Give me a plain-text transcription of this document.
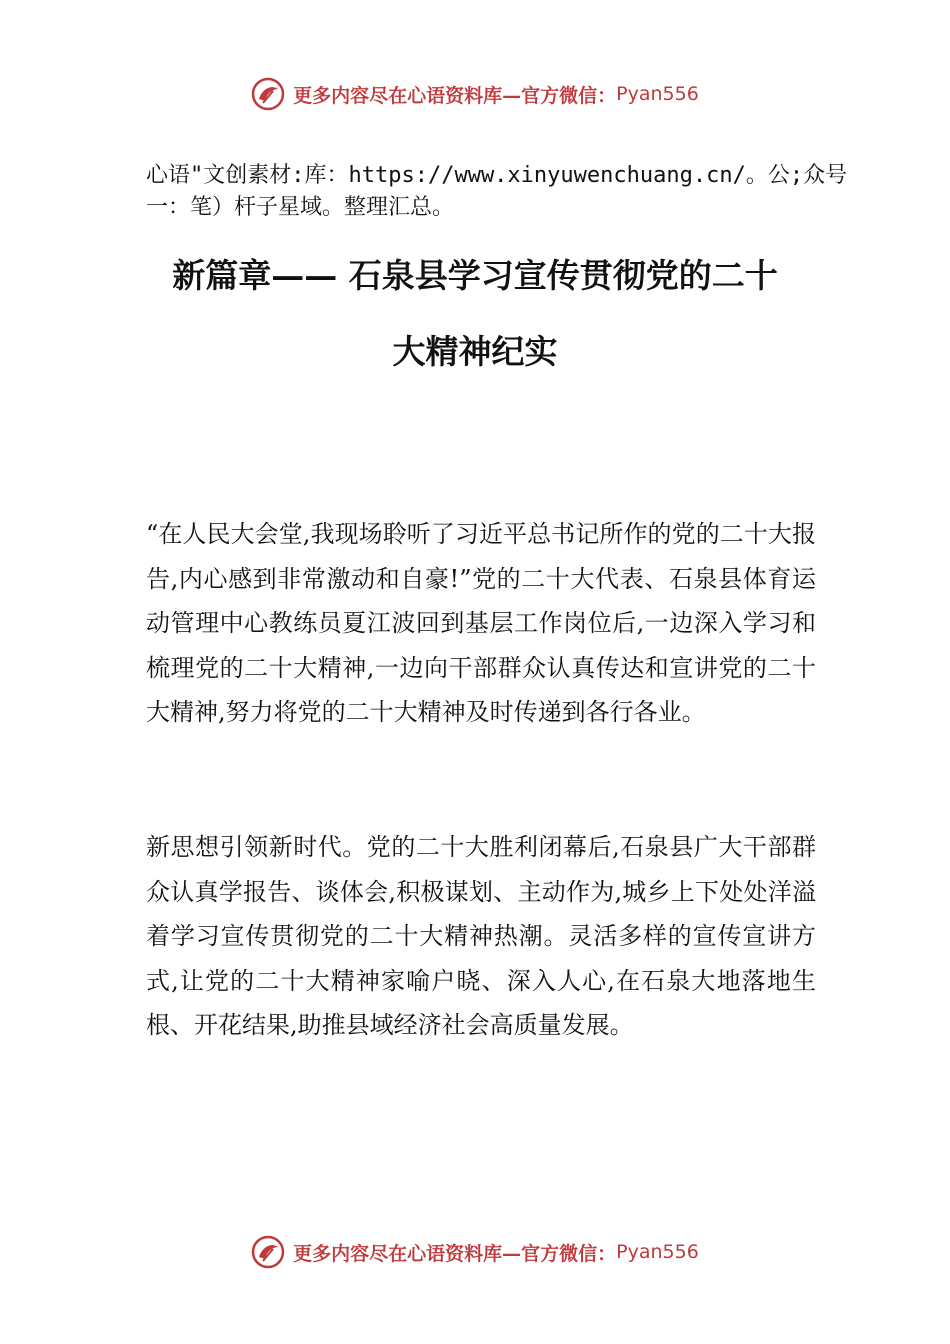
更多内容尽在心语资料库—官方微信： Pyan556
心语"文创素材:库：https://www.xinyuwenchuang.cn/。公;众号一：笔）杆子星域。整理汇总。
新篇章—— 石泉县学习宣传贯彻党的二十
大精神纪实

“在人民大会堂,我现场聆听了习近平总书记所作的党的二十大报告,内心感到非常激动和自豪!”党的二十大代表、石泉县体育运动管理中心教练员夏江波回到基层工作岗位后,一边深入学习和梳理党的二十大精神,一边向干部群众认真传达和宣讲党的二十大精神,努力将党的二十大精神及时传递到各行各业。

新思想引领新时代。党的二十大胜利闭幕后,石泉县广大干部群众认真学报告、谈体会,积极谋划、主动作为,城乡上下处处洋溢着学习宣传贯彻党的二十大精神热潮。灵活多样的宣传宣讲方式,让党的二十大精神家喻户晓、深入人心,在石泉大地落地生根、开花结果,助推县域经济社会高质量发展。

更多内容尽在心语资料库—官方微信： Pyan556
